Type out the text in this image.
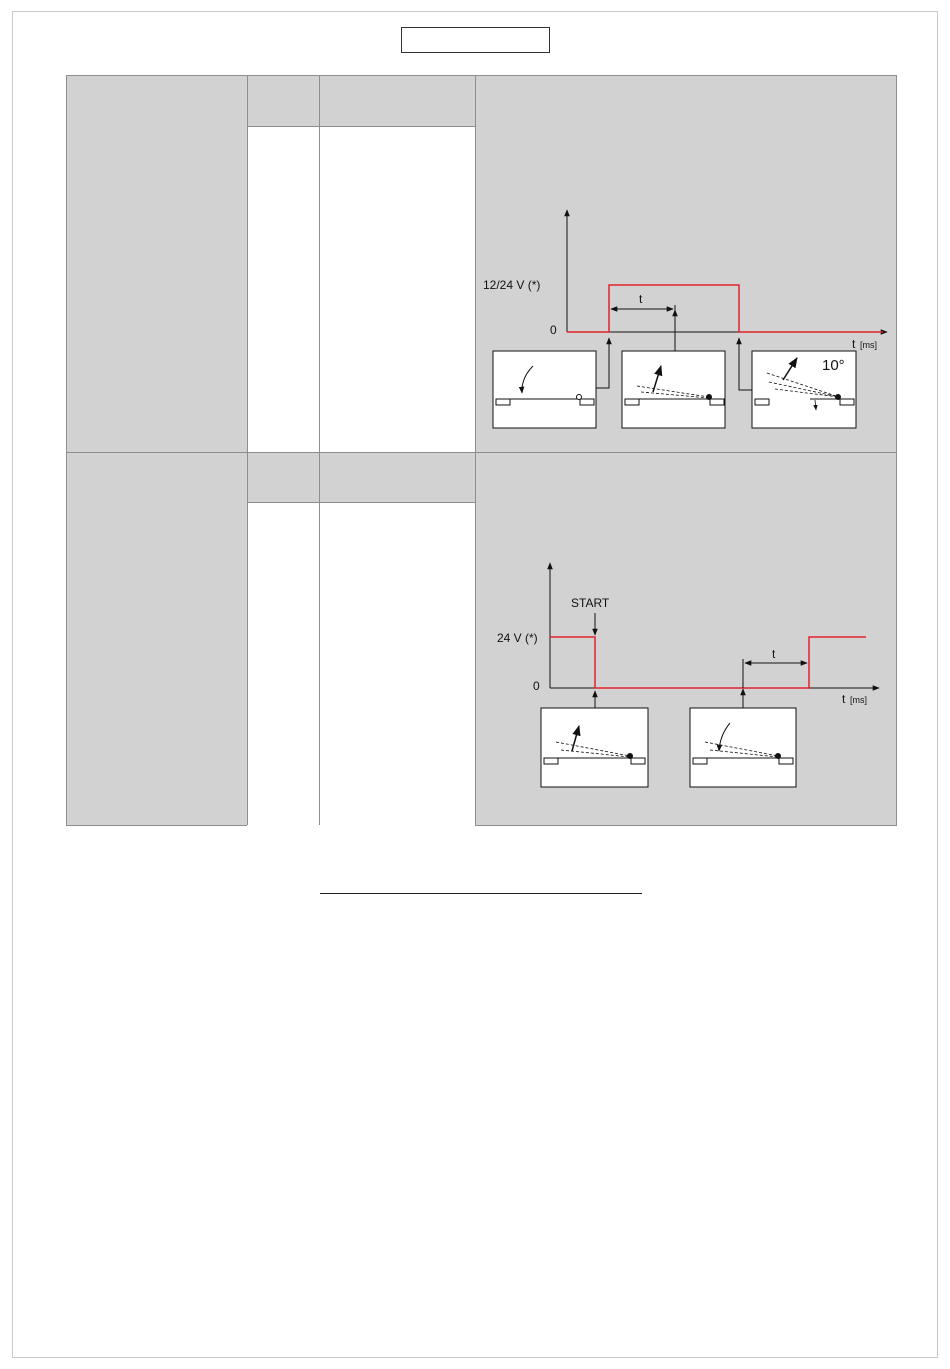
12/24 V (*)
0
t [ms]
t
10°
24 V (*)
0
START
t [ms]
t
